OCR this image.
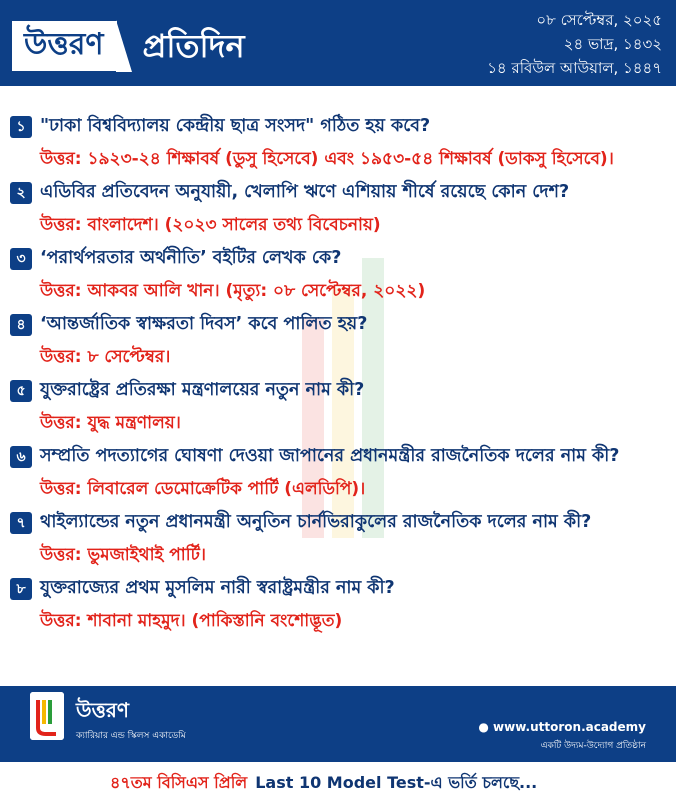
উত্তরণ	প্রতিদিন
০৮ সেপ্টেম্বর, ২০২৫
২৪ ভাদ্র, ১৪৩২
১৪ রবিউল আউয়াল, ১৪৪৭
১ "ঢাকা বিশ্ববিদ্যালয় কেন্দ্রীয় ছাত্র সংসদ" গঠিত হয় কবে?
উত্তর: ১৯২৩-২৪ শিক্ষাবর্ষ (ডুসু হিসেবে) এবং ১৯৫৩-৫৪ শিক্ষাবর্ষ (ডাকসু হিসেবে)।
২ এডিবির প্রতিবেদন অনুযায়ী, খেলাপি ঋণে এশিয়ায় শীর্ষে রয়েছে কোন দেশ?
উত্তর: বাংলাদেশ। (২০২৩ সালের তথ্য বিবেচনায়)
৩ ‘পরার্থপরতার অর্থনীতি’ বইটির লেখক কে?
উত্তর: আকবর আলি খান। (মৃত্যু: ০৮ সেপ্টেম্বর, ২০২২)
৪ ‘আন্তর্জাতিক স্বাক্ষরতা দিবস’ কবে পালিত হয়?
উত্তর: ৮ সেপ্টেম্বর।
৫ যুক্তরাষ্ট্রের প্রতিরক্ষা মন্ত্রণালয়ের নতুন নাম কী?
উত্তর: যুদ্ধ মন্ত্রণালয়।
৬ সম্প্রতি পদত্যাগের ঘোষণা দেওয়া জাপানের প্রধানমন্ত্রীর রাজনৈতিক দলের নাম কী?
উত্তর: লিবারেল ডেমোক্রেটিক পার্টি (এলডিপি)।
৭ থাইল্যান্ডের নতুন প্রধানমন্ত্রী অনুতিন চার্নভিরাকুলের রাজনৈতিক দলের নাম কী?
উত্তর: ভুমজাইথাই পার্টি।
৮ যুক্তরাজ্যের প্রথম মুসলিম নারী স্বরাষ্ট্রমন্ত্রীর নাম কী?
উত্তর: শাবানা মাহমুদ। (পাকিস্তানি বংশোদ্ভূত)
উত্তরণ
ক্যারিয়ার এন্ড স্কিলস একাডেমি
● www.uttoron.academy
একটি উদ্যম-উদ্যোগ প্রতিষ্ঠান
৪৭তম বিসিএস প্রিলি Last 10 Model Test-এ ভর্তি চলছে...
